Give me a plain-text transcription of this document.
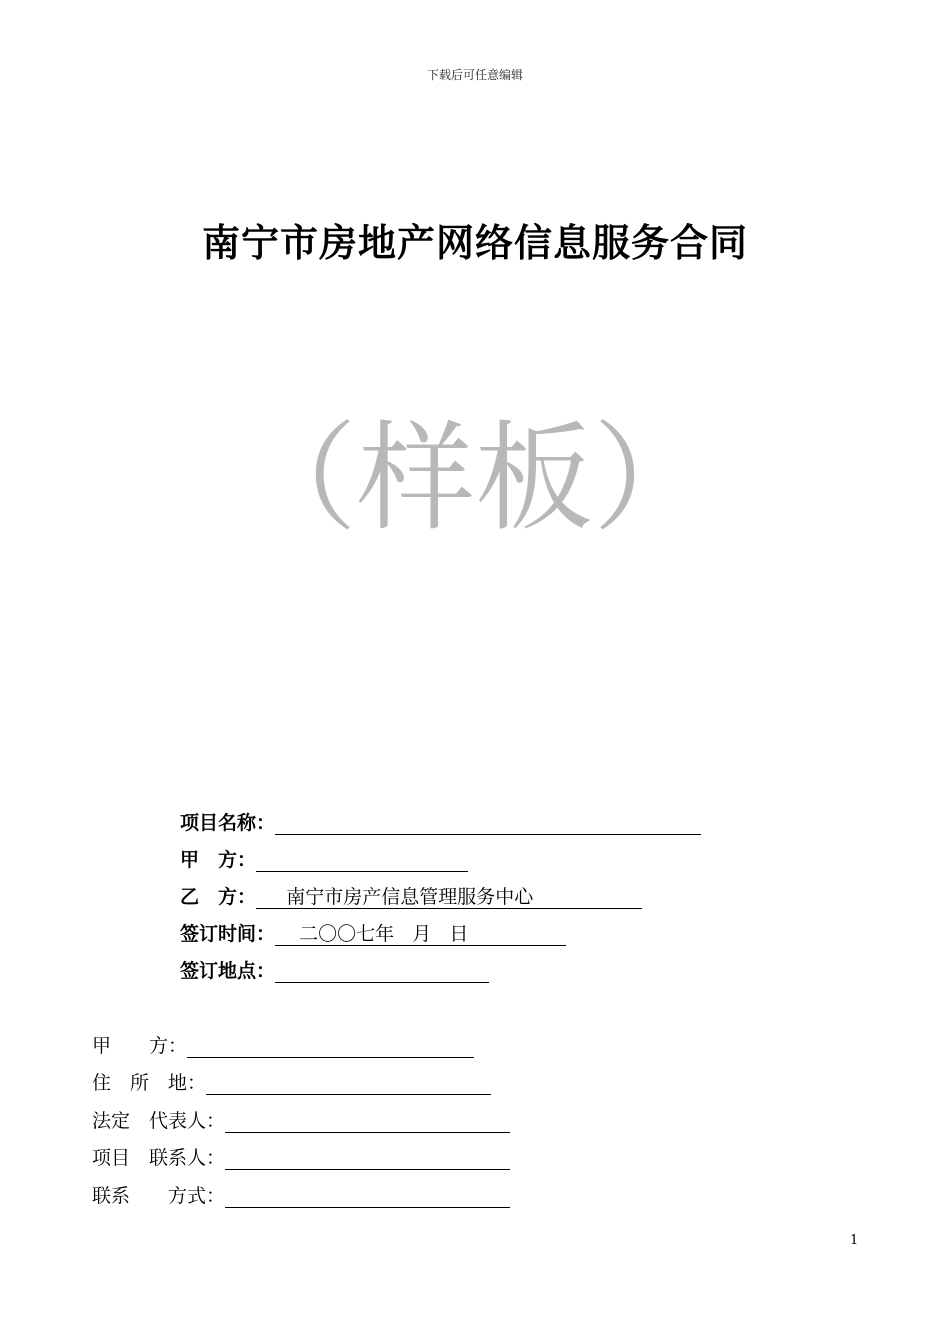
下载后可任意编辑
南宁市房地产网络信息服务合同
（样板）
项目名称：
甲　方：
乙　方： 南宁市房产信息管理服务中心
签订时间： 二〇〇七年   月   日
签订地点：
甲　　方：
住　所　地：
法定　代表人：
项目　联系人：
联系　　方式：
1
